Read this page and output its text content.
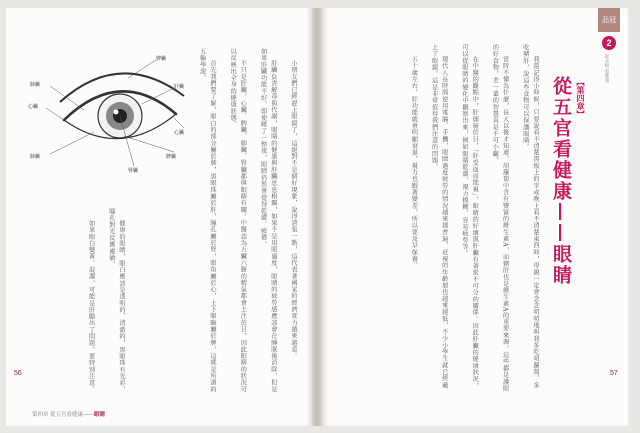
小朋友們已經趕上眼鏡了，這絕對不是個好現象，說得誇張一點，這代表著國家的經濟實力越來越差。

肝臟負責解毒與代謝，眼睛的健康與肝臟息息相關，如果不是用眼過度，眼睛的疲勞感應該會在睡眠後消除，但是如果肝臟功能不好，即使睡了一整夜，眼睛仍然會覺得乾澀、疲倦。

不只是肝臟，心臟、脾臟、肺臟、腎臟都與眼睛有關，中醫認為五臟六腑的精氣都會上注於目，因此眼睛的狀況可以反映出全身的健康狀態。

首先我們要了解，眼白的部分屬於肺，黑眼珠屬於肝，瞳孔屬於腎，眼角屬於心，上下眼瞼屬於脾，這就是所謂的五輪學說。

健康的眼睛，眼白應該是透明的、清澈的，黑眼珠有光彩，瞳孔對光反應靈敏。

如果眼白變黃、混濁，可能是肝膽出了問題，要特別注意。

脾臟
肝臟
腎臟
心臟
肺臟
心臟
脾臟
肺臟
56
第四章 從五官看健康——眼睛
品冠
2
從食物看健康
【第四章】
從五官看健康——眼睛

我還記得小時候，只要說看不清楚黑板上的字或晚上看不清楚東西時，母親一定會念念叨叨地叫我多吃胡蘿蔔、多吃豬肝，說這些食物可以保護眼睛。

當時不懂為什麼，長大以後才知道，胡蘿蔔中含有豐富的維生素A，而豬肝也是維生素A的重要來源，這些都是護眼的好食物，老一輩的智慧真是不可小覷。

在中醫的觀點中，肝開竅於目，「肝受血而能視」，眼睛的好壞與肝臟有著密不可分的關係。因此肝臟的健康狀況，可以從眼睛的變化中觀察出來，例如眼睛乾澀、視力模糊、容易疲勞等。

現代人長時間使用電腦、手機，眼睛過度疲勞的情況越來越普遍，近視的年齡層也越來越低，不少小學生就已經戴上了眼鏡，這是非常值得我們注意的問題。

五十歲左右，肝功能就會明顯衰退，視力也跟著變差，所以要及早保養。

57
